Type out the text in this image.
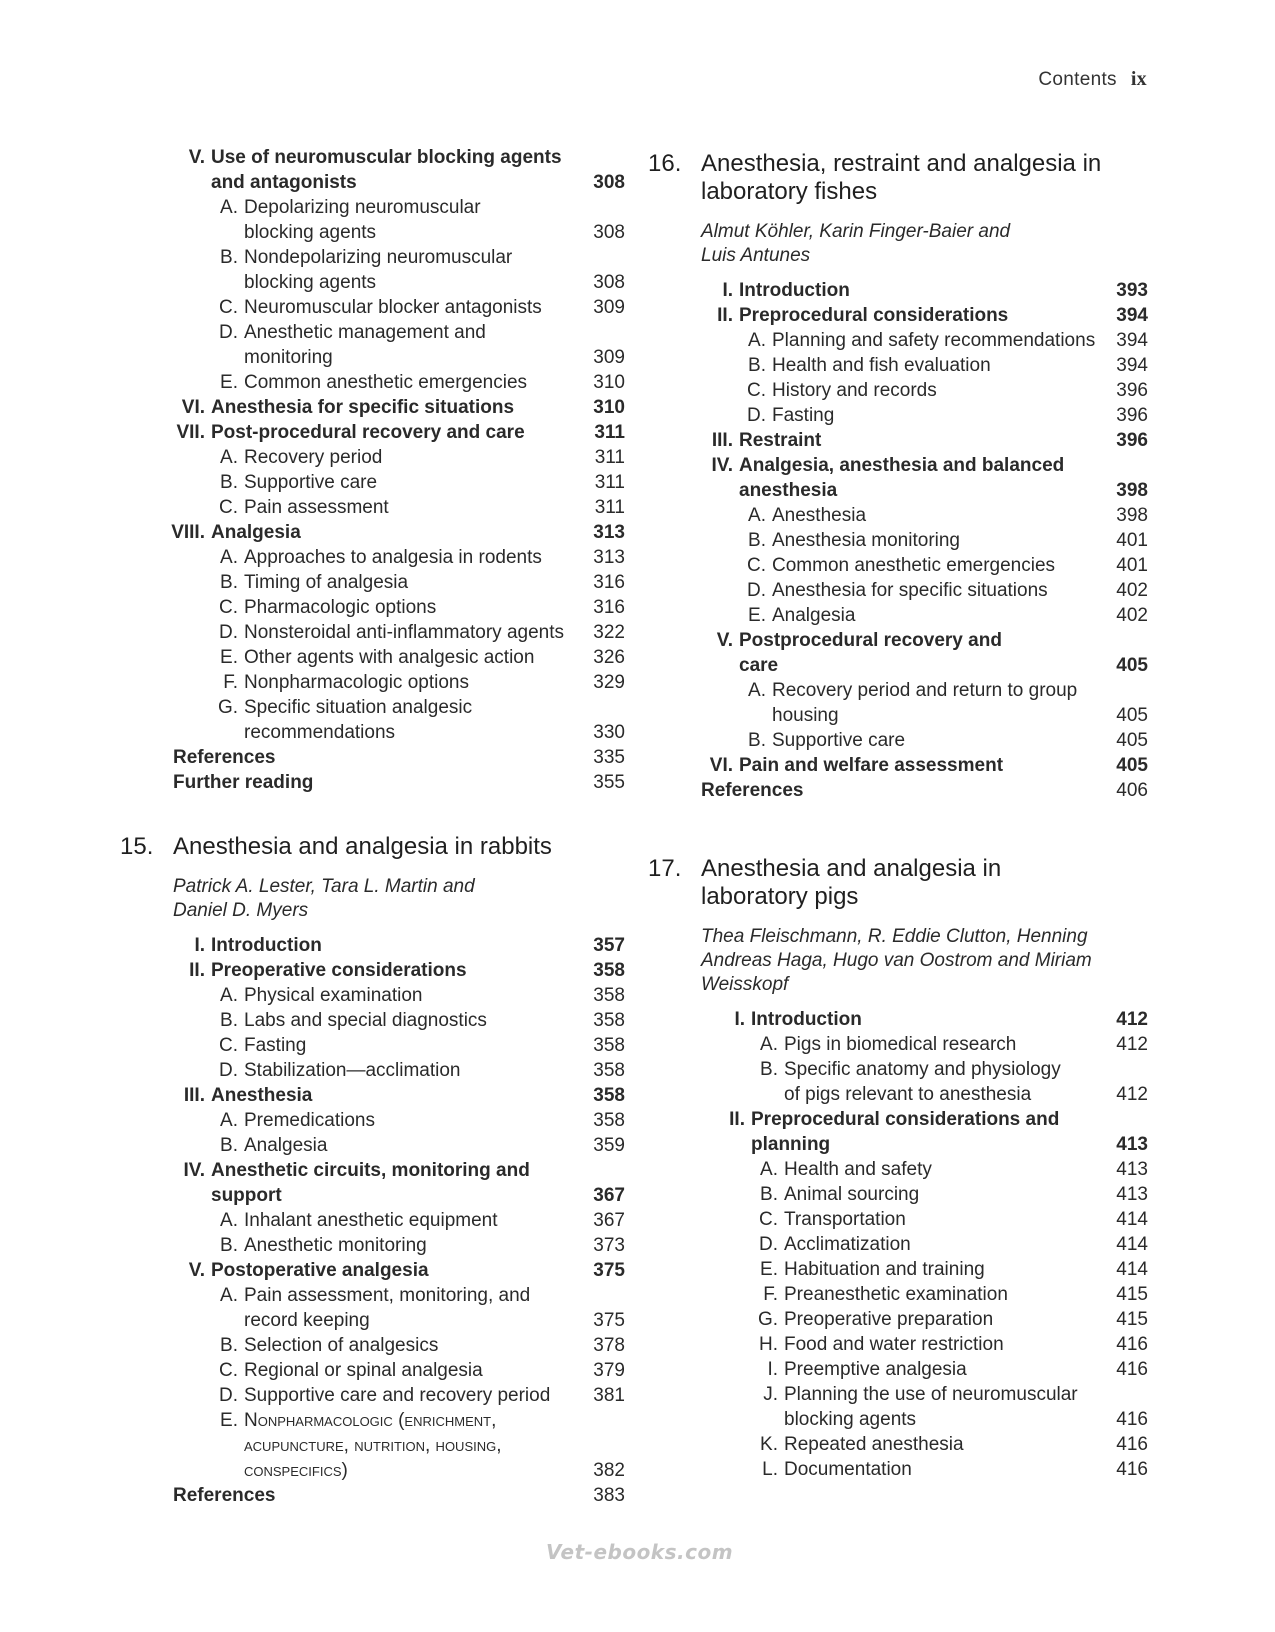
Contents ix
V. Use of neuromuscular blocking agents
and antagonists	308
A. Depolarizing neuromuscular
blocking agents	308
B. Nondepolarizing neuromuscular
blocking agents	308
C. Neuromuscular blocker antagonists	309
D. Anesthetic management and
monitoring	309
E. Common anesthetic emergencies	310
VI. Anesthesia for specific situations	310
VII. Post-procedural recovery and care	311
A. Recovery period	311
B. Supportive care	311
C. Pain assessment	311
VIII. Analgesia	313
A. Approaches to analgesia in rodents	313
B. Timing of analgesia	316
C. Pharmacologic options	316
D. Nonsteroidal anti-inflammatory agents	322
E. Other agents with analgesic action	326
F. Nonpharmacologic options	329
G. Specific situation analgesic
recommendations	330
References	335
Further reading	355
15. Anesthesia and analgesia in rabbits
Patrick A. Lester, Tara L. Martin and Daniel D. Myers
I. Introduction	357
II. Preoperative considerations	358
A. Physical examination	358
B. Labs and special diagnostics	358
C. Fasting	358
D. Stabilization—acclimation	358
III. Anesthesia	358
A. Premedications	358
B. Analgesia	359
IV. Anesthetic circuits, monitoring and
support	367
A. Inhalant anesthetic equipment	367
B. Anesthetic monitoring	373
V. Postoperative analgesia	375
A. Pain assessment, monitoring, and
record keeping	375
B. Selection of analgesics	378
C. Regional or spinal analgesia	379
D. Supportive care and recovery period	381
E. Nonpharmacologic (enrichment,
acupuncture, nutrition, housing,
conspecifics)	382
References	383
16. Anesthesia, restraint and analgesia in
laboratory fishes
Almut Köhler, Karin Finger-Baier and Luis Antunes
I. Introduction	393
II. Preprocedural considerations	394
A. Planning and safety recommendations	394
B. Health and fish evaluation	394
C. History and records	396
D. Fasting	396
III. Restraint	396
IV. Analgesia, anesthesia and balanced
anesthesia	398
A. Anesthesia	398
B. Anesthesia monitoring	401
C. Common anesthetic emergencies	401
D. Anesthesia for specific situations	402
E. Analgesia	402
V. Postprocedural recovery and
care	405
A. Recovery period and return to group
housing	405
B. Supportive care	405
VI. Pain and welfare assessment	405
References	406
17. Anesthesia and analgesia in
laboratory pigs
Thea Fleischmann, R. Eddie Clutton, Henning Andreas Haga, Hugo van Oostrom and Miriam Weisskopf
I. Introduction	412
A. Pigs in biomedical research	412
B. Specific anatomy and physiology
of pigs relevant to anesthesia	412
II. Preprocedural considerations and
planning	413
A. Health and safety	413
B. Animal sourcing	413
C. Transportation	414
D. Acclimatization	414
E. Habituation and training	414
F. Preanesthetic examination	415
G. Preoperative preparation	415
H. Food and water restriction	416
I. Preemptive analgesia	416
J. Planning the use of neuromuscular
blocking agents	416
K. Repeated anesthesia	416
L. Documentation	416
Vet-ebooks.com
